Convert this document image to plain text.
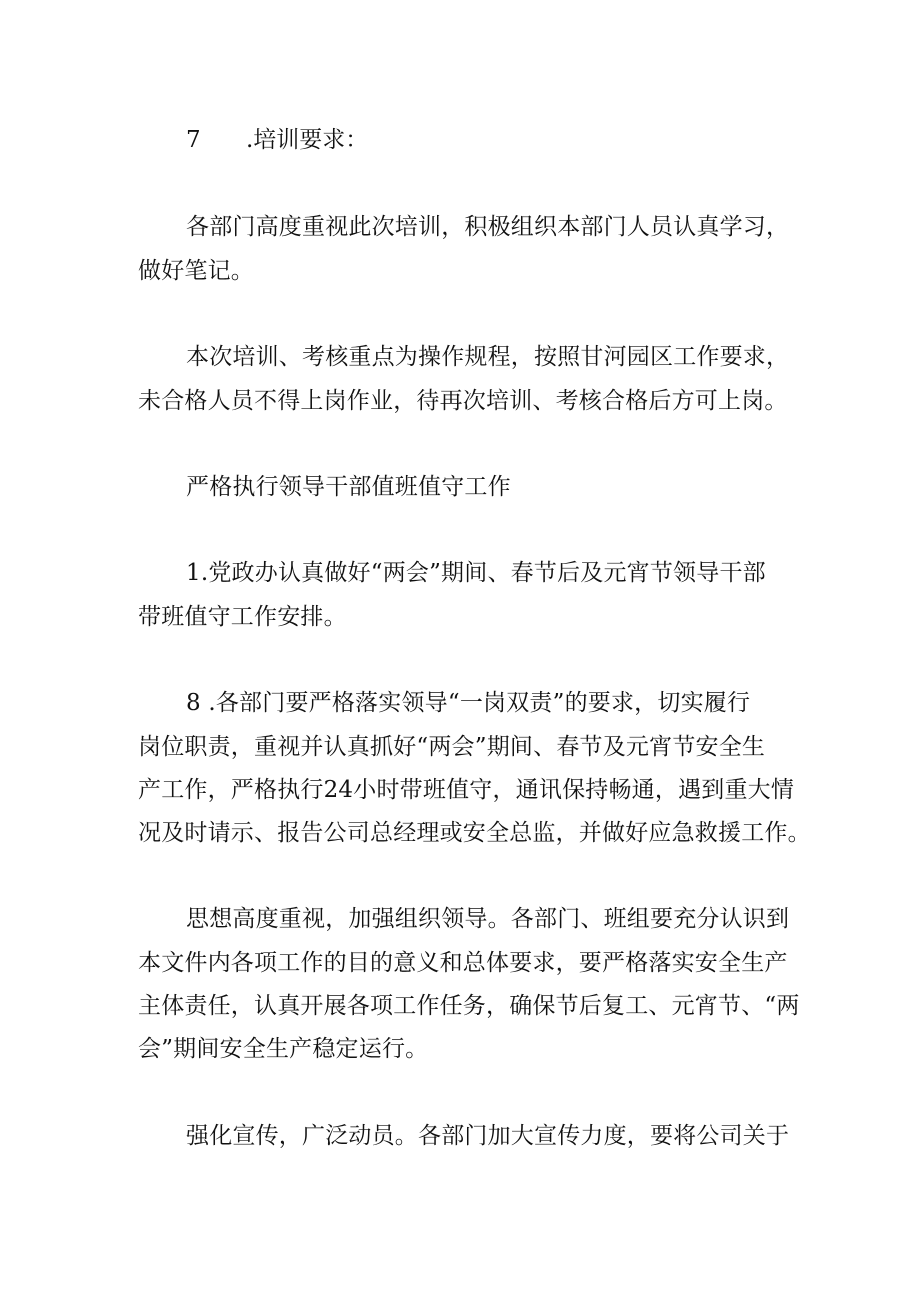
7 .培训要求：
各部门高度重视此次培训，积极组织本部门人员认真学习，
做好笔记。
本次培训、考核重点为操作规程，按照甘河园区工作要求，
未合格人员不得上岗作业，待再次培训、考核合格后方可上岗。
严格执行领导干部值班值守工作
1.党政办认真做好“两会”期间、春节后及元宵节领导干部
带班值守工作安排。
8 .各部门要严格落实领导“一岗双责”的要求，切实履行
岗位职责，重视并认真抓好“两会”期间、春节及元宵节安全生
产工作，严格执行24小时带班值守，通讯保持畅通，遇到重大情
况及时请示、报告公司总经理或安全总监，并做好应急救援工作。
思想高度重视，加强组织领导。各部门、班组要充分认识到
本文件内各项工作的目的意义和总体要求，要严格落实安全生产
主体责任，认真开展各项工作任务，确保节后复工、元宵节、“两
会”期间安全生产稳定运行。
强化宣传，广泛动员。各部门加大宣传力度，要将公司关于
